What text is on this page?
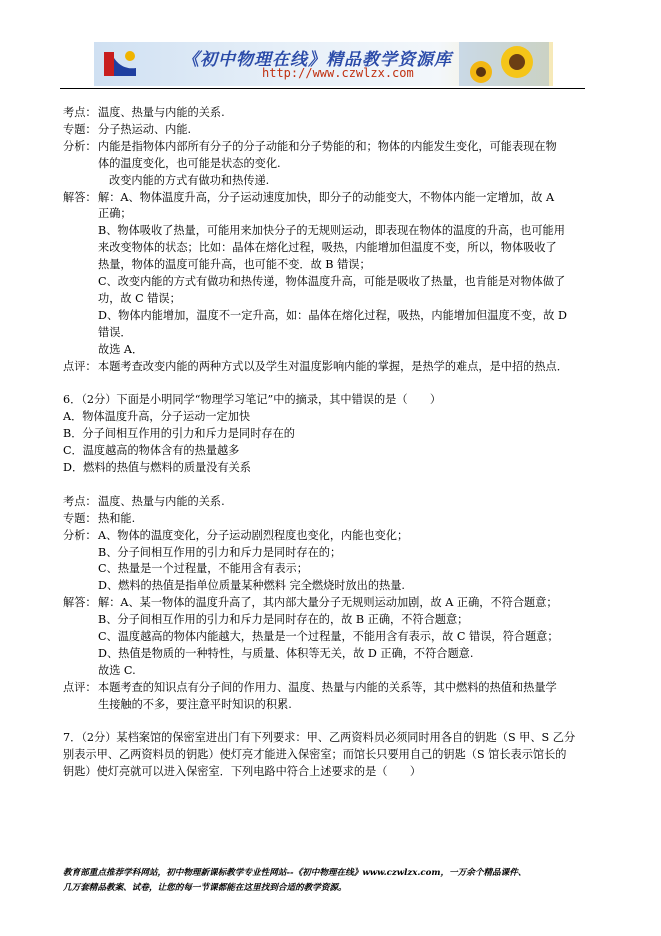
《初中物理在线》精品教学资源库
http://www.czwlzx.com
考点： 温度、热量与内能的关系.

专题： 分子热运动、内能.

分析： 内能是指物体内部所有分子的分子动能和分子势能的和；物体的内能发生变化，可能表现在物

体的温度变化，也可能是状态的变化.

改变内能的方式有做功和热传递.

解答： 解：A、物体温度升高，分子运动速度加快，即分子的动能变大，不物体内能一定增加，故 A

正确；

B、物体吸收了热量，可能用来加快分子的无规则运动，即表现在物体的温度的升高，也可能用

来改变物体的状态；比如：晶体在熔化过程，吸热，内能增加但温度不变，所以，物体吸收了

热量，物体的温度可能升高，也可能不变．故 B 错误；

C、改变内能的方式有做功和热传递，物体温度升高，可能是吸收了热量，也肯能是对物体做了

功，故 C 错误；

D、物体内能增加，温度不一定升高，如：晶体在熔化过程，吸热，内能增加但温度不变，故 D

错误．

故选 A．

点评： 本题考查改变内能的两种方式以及学生对温度影响内能的掌握，是热学的难点，是中招的热点．

6．（2分）下面是小明同学“物理学习笔记”中的摘录，其中错误的是（　　）

A．物体温度升高，分子运动一定加快

B．分子间相互作用的引力和斥力是同时存在的

C．温度越高的物体含有的热量越多

D．燃料的热值与燃料的质量没有关系

考点： 温度、热量与内能的关系.

专题： 热和能.

分析： A、物体的温度变化，分子运动剧烈程度也变化，内能也变化；

B、分子间相互作用的引力和斥力是同时存在的；

C、热量是一个过程量，不能用含有表示；

D、燃料的热值是指单位质量某种燃料 完全燃烧时放出的热量.

解答： 解：A、某一物体的温度升高了，其内部大量分子无规则运动加剧，故 A 正确，不符合题意；

B、分子间相互作用的引力和斥力是同时存在的，故 B 正确，不符合题意；

C、温度越高的物体内能越大，热量是一个过程量，不能用含有表示，故 C 错误，符合题意；

D、热值是物质的一种特性，与质量、体积等无关，故 D 正确，不符合题意.

故选 C.

点评： 本题考查的知识点有分子间的作用力、温度、热量与内能的关系等，其中燃料的热值和热量学

生接触的不多，要注意平时知识的积累.

7．（2分）某档案馆的保密室进出门有下列要求：甲、乙两资料员必须同时用各自的钥匙（S 甲、S 乙分

别表示甲、乙两资料员的钥匙）使灯亮才能进入保密室；而馆长只要用自己的钥匙（S 馆长表示馆长的

钥匙）使灯亮就可以进入保密室．下列电路中符合上述要求的是（　　）

教育部重点推荐学科网站，初中物理新课标教学专业性网站--《初中物理在线》www.czwlzx.com，一万余个精品课件、

几万套精品教案、试卷，让您的每一节课都能在这里找到合适的教学资源。
